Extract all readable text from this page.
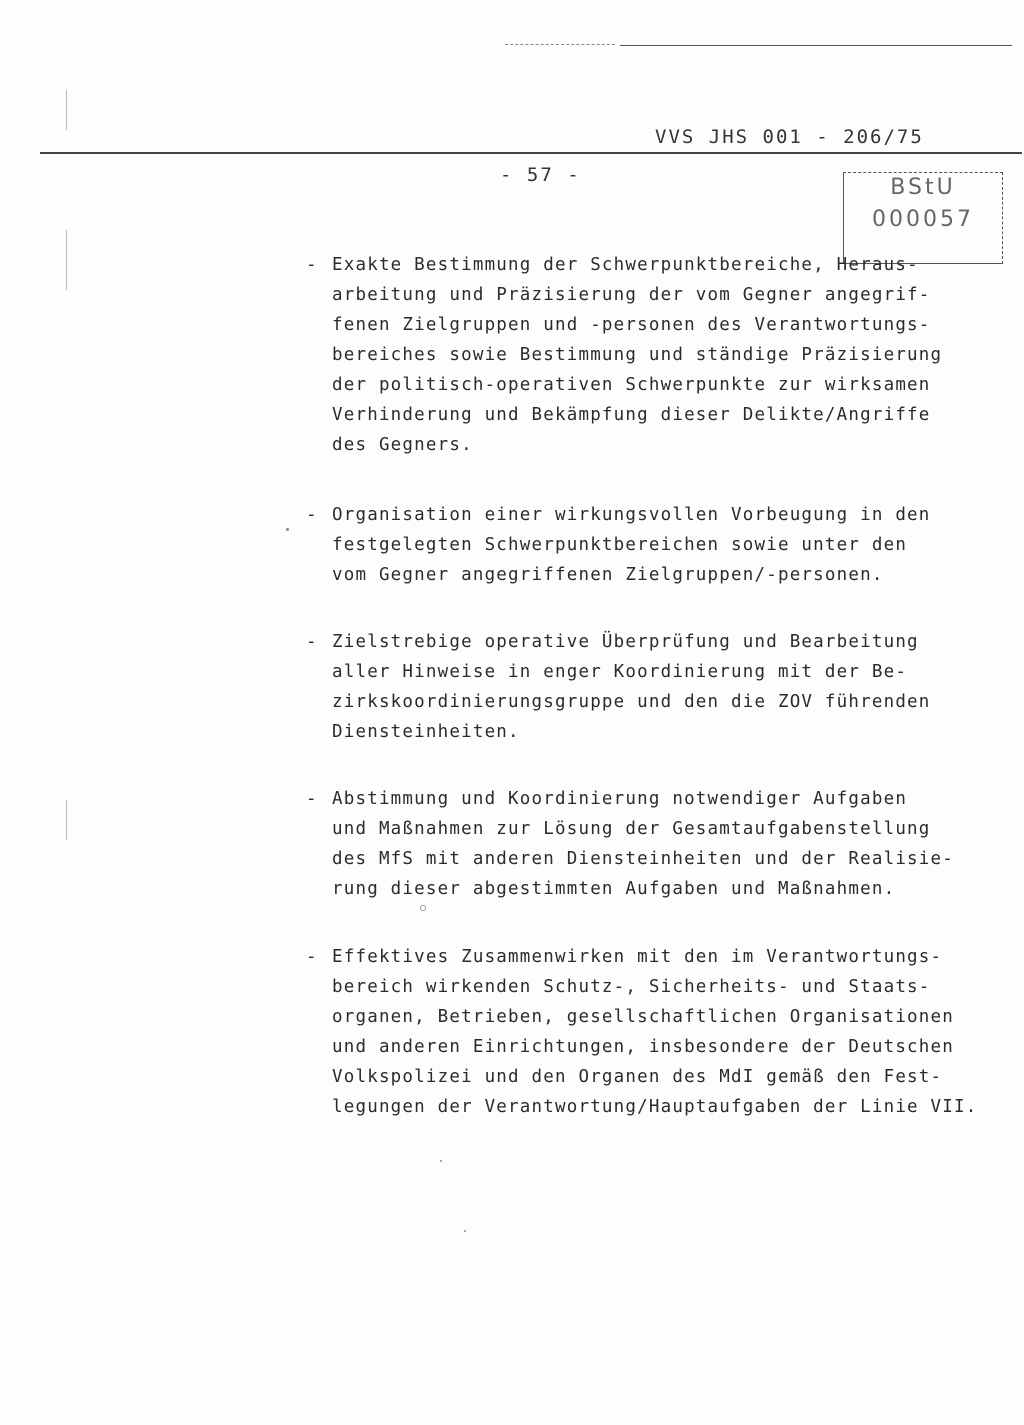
VVS JHS 001 - 206/75
- 57 -	BStU
000057
- Exakte Bestimmung der Schwerpunktbereiche, Heraus-
arbeitung und Präzisierung der vom Gegner angegrif-
fenen Zielgruppen und -personen des Verantwortungs-
bereiches sowie Bestimmung und ständige Präzisierung
der politisch-operativen Schwerpunkte zur wirksamen
Verhinderung und Bekämpfung dieser Delikte/Angriffe
des Gegners.
- Organisation einer wirkungsvollen Vorbeugung in den
festgelegten Schwerpunktbereichen sowie unter den
vom Gegner angegriffenen Zielgruppen/-personen.
- Zielstrebige operative Überprüfung und Bearbeitung
aller Hinweise in enger Koordinierung mit der Be-
zirkskoordinierungsgruppe und den die ZOV führenden
Diensteinheiten.
- Abstimmung und Koordinierung notwendiger Aufgaben
und Maßnahmen zur Lösung der Gesamtaufgabenstellung
des MfS mit anderen Diensteinheiten und der Realisie-
rung dieser abgestimmten Aufgaben und Maßnahmen.
- Effektives Zusammenwirken mit den im Verantwortungs-
bereich wirkenden Schutz-, Sicherheits- und Staats-
organen, Betrieben, gesellschaftlichen Organisationen
und anderen Einrichtungen, insbesondere der Deutschen
Volkspolizei und den Organen des MdI gemäß den Fest-
legungen der Verantwortung/Hauptaufgaben der Linie VII.
